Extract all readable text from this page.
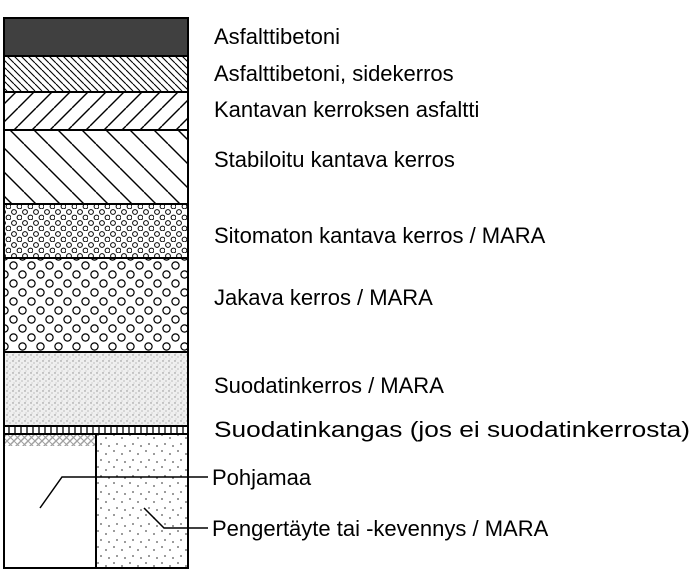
Asfalttibetoni
Asfalttibetoni, sidekerros
Kantavan kerroksen asfaltti
Stabiloitu kantava kerros
Sitomaton kantava kerros / MARA
Jakava kerros / MARA
Suodatinkerros / MARA
Suodatinkangas (jos ei suodatinkerrosta)
Pohjamaa
Pengertäyte tai -kevennys / MARA
